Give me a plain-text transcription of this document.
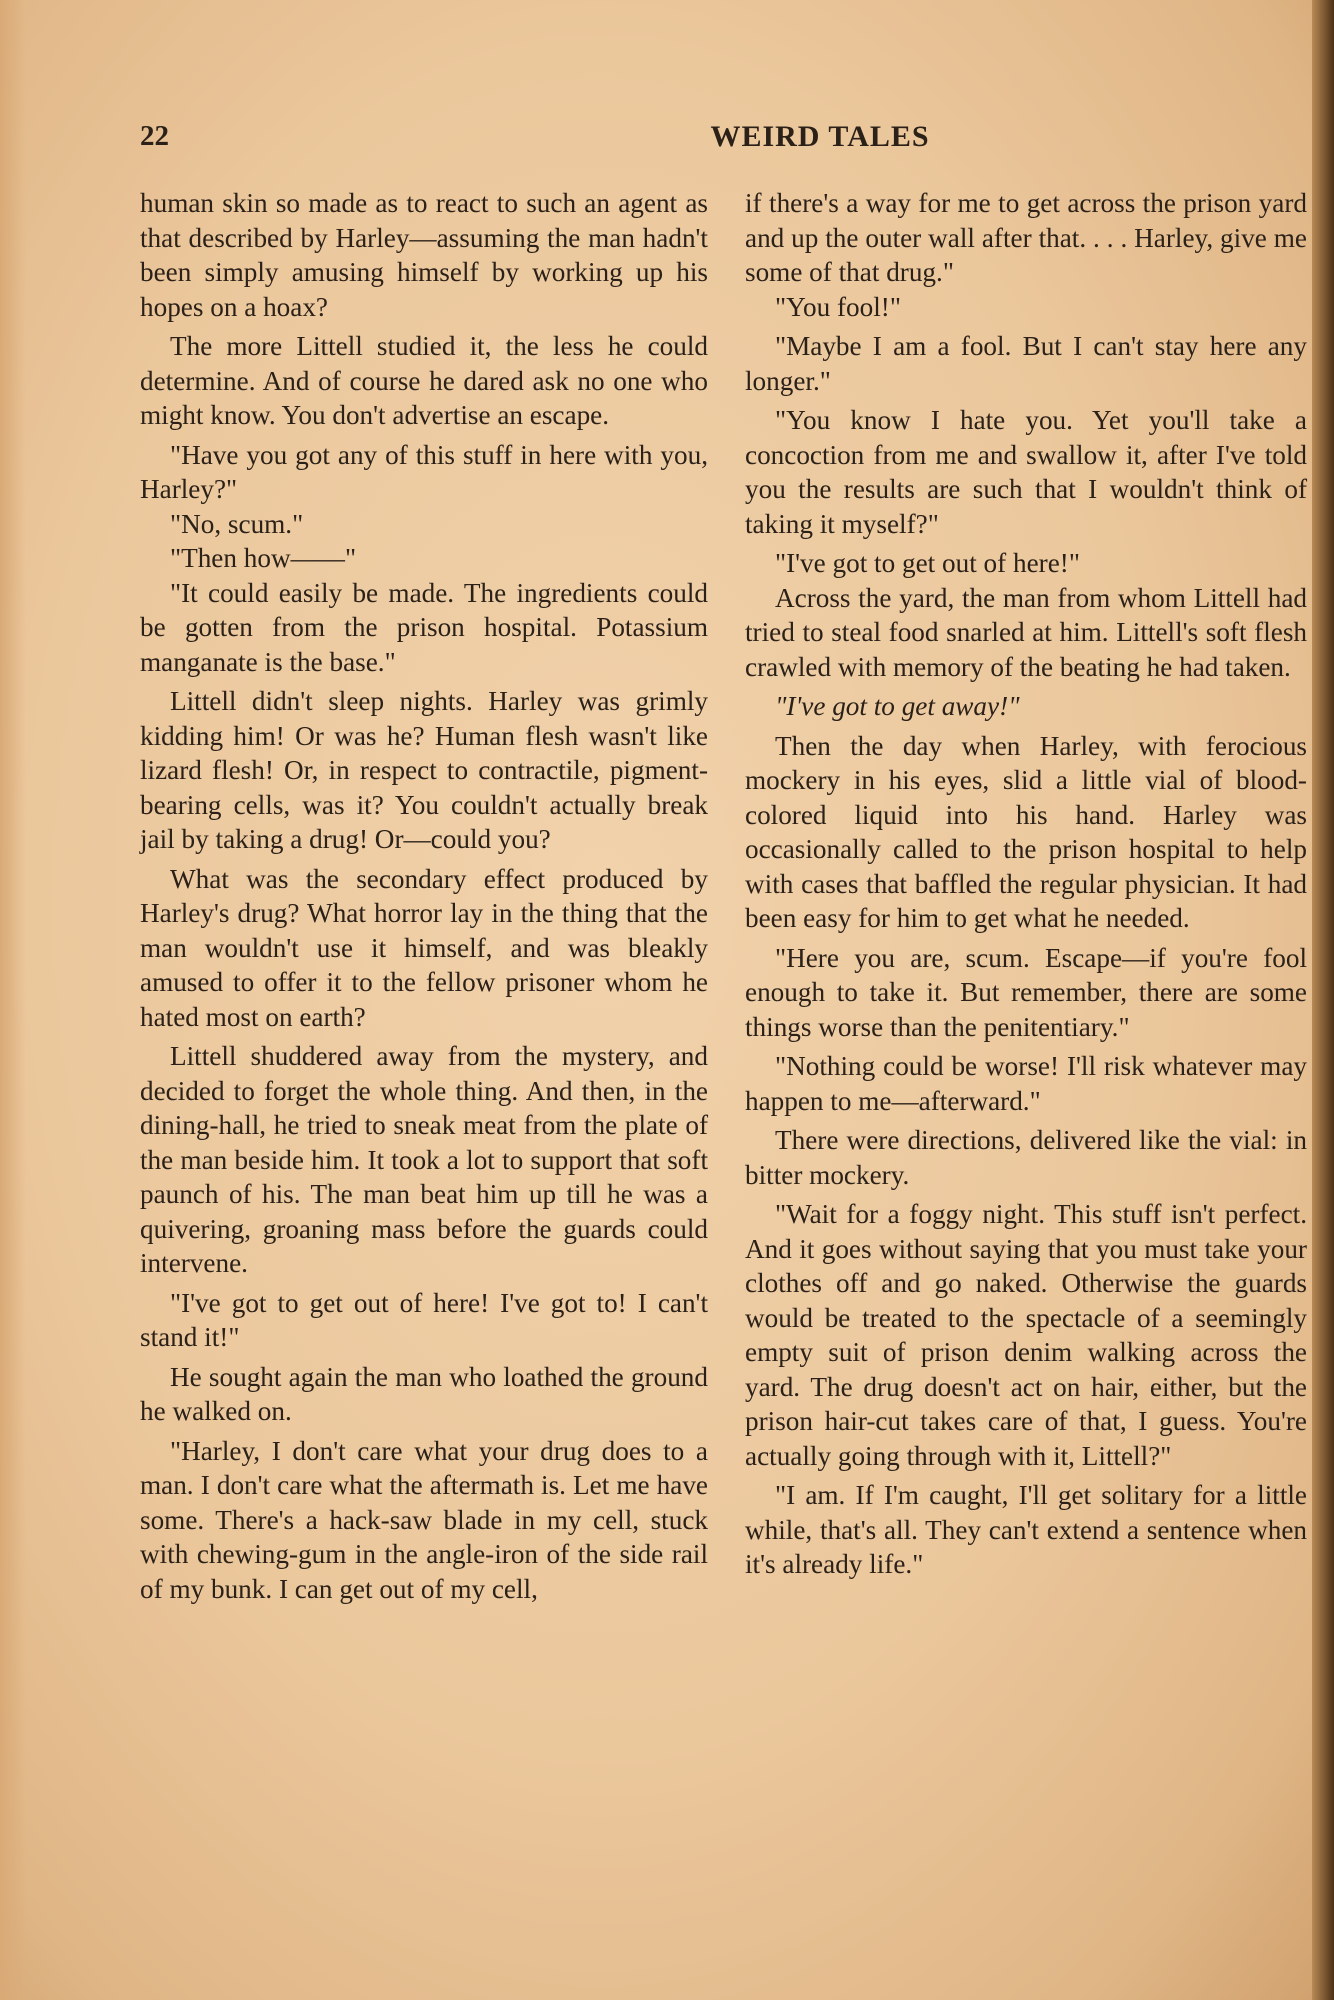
22	WEIRD TALES

human skin so made as to react to such an agent as that described by Harley—assuming the man hadn't been simply amusing himself by working up his hopes on a hoax?

The more Littell studied it, the less he could determine. And of course he dared ask no one who might know. You don't advertise an escape.

"Have you got any of this stuff in here with you, Harley?"

"No, scum."

"Then how——"

"It could easily be made. The ingredients could be gotten from the prison hospital. Potassium manganate is the base."

Littell didn't sleep nights. Harley was grimly kidding him! Or was he? Human flesh wasn't like lizard flesh! Or, in respect to contractile, pigment-bearing cells, was it? You couldn't actually break jail by taking a drug! Or—could you?

What was the secondary effect produced by Harley's drug? What horror lay in the thing that the man wouldn't use it himself, and was bleakly amused to offer it to the fellow prisoner whom he hated most on earth?

Littell shuddered away from the mystery, and decided to forget the whole thing. And then, in the dining-hall, he tried to sneak meat from the plate of the man beside him. It took a lot to support that soft paunch of his. The man beat him up till he was a quivering, groaning mass before the guards could intervene.

"I've got to get out of here! I've got to! I can't stand it!"

He sought again the man who loathed the ground he walked on.

"Harley, I don't care what your drug does to a man. I don't care what the aftermath is. Let me have some. There's a hack-saw blade in my cell, stuck with chewing-gum in the angle-iron of the side rail of my bunk. I can get out of my cell,

if there's a way for me to get across the prison yard and up the outer wall after that. . . . Harley, give me some of that drug."

"You fool!"

"Maybe I am a fool. But I can't stay here any longer."

"You know I hate you. Yet you'll take a concoction from me and swallow it, after I've told you the results are such that I wouldn't think of taking it myself?"

"I've got to get out of here!"

Across the yard, the man from whom Littell had tried to steal food snarled at him. Littell's soft flesh crawled with memory of the beating he had taken.

"I've got to get away!"

Then the day when Harley, with ferocious mockery in his eyes, slid a little vial of blood-colored liquid into his hand. Harley was occasionally called to the prison hospital to help with cases that baffled the regular physician. It had been easy for him to get what he needed.

"Here you are, scum. Escape—if you're fool enough to take it. But remember, there are some things worse than the penitentiary."

"Nothing could be worse! I'll risk whatever may happen to me—afterward."

There were directions, delivered like the vial: in bitter mockery.

"Wait for a foggy night. This stuff isn't perfect. And it goes without saying that you must take your clothes off and go naked. Otherwise the guards would be treated to the spectacle of a seemingly empty suit of prison denim walking across the yard. The drug doesn't act on hair, either, but the prison hair-cut takes care of that, I guess. You're actually going through with it, Littell?"

"I am. If I'm caught, I'll get solitary for a little while, that's all. They can't extend a sentence when it's already life."
